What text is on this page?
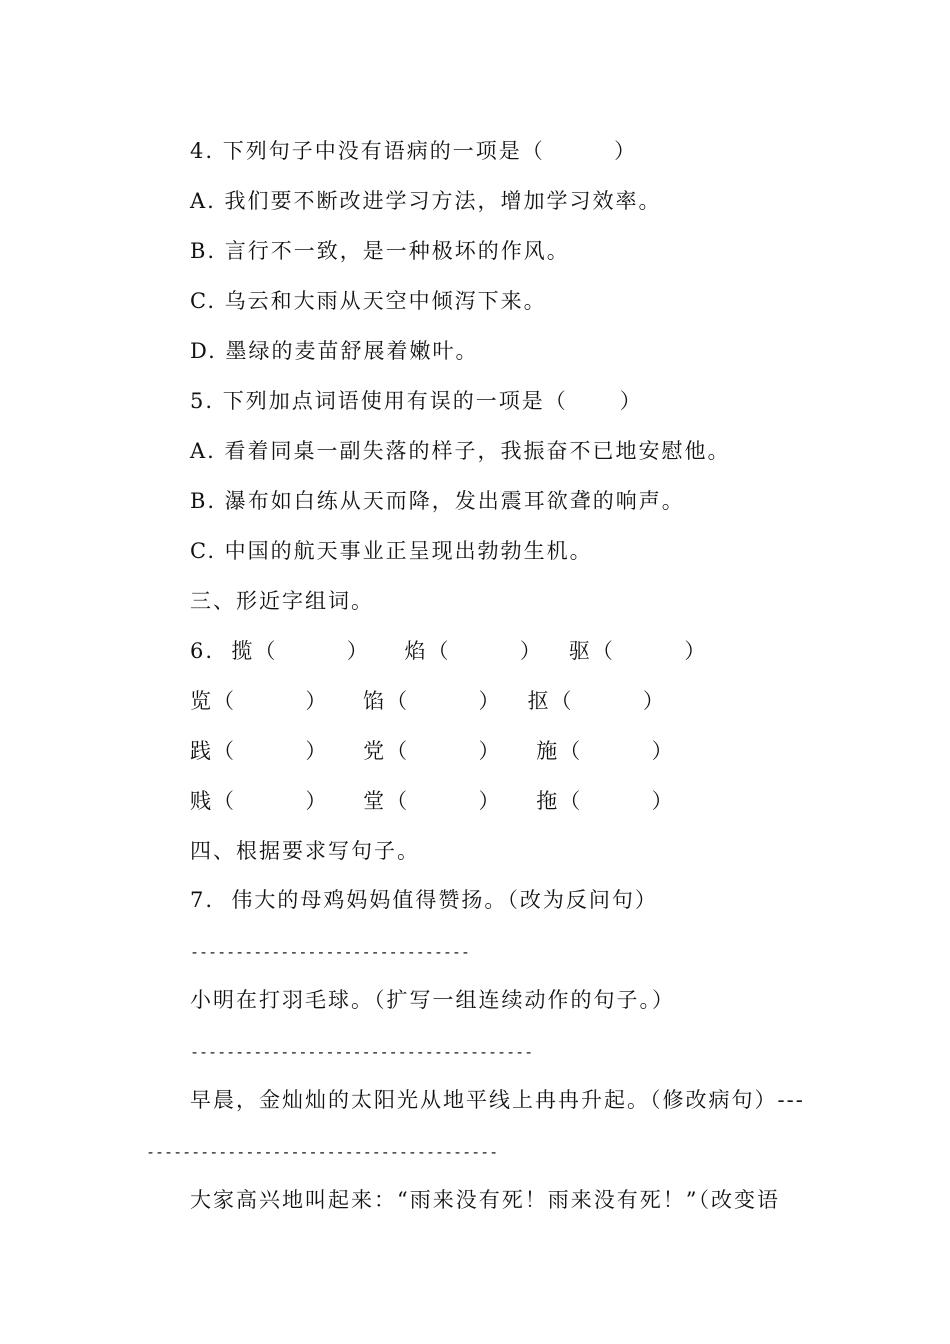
4. 下列句子中没有语病的一项是（        ）
A. 我们要不断改进学习方法，增加学习效率。
B. 言行不一致，是一种极坏的作风。
C. 乌云和大雨从天空中倾泻下来。
D. 墨绿的麦苗舒展着嫩叶。
5. 下列加点词语使用有误的一项是（      ）
A. 看着同桌一副失落的样子，我振奋不已地安慰他。
B. 瀑布如白练从天而降，发出震耳欲聋的响声。
C. 中国的航天事业正呈现出勃勃生机。
三、形近字组词。
6.  揽（        ）    焰（        ）   驱（        ）
览（        ）    馅（        ）   抠（        ）
践（        ）    党（        ）    施（        ）
贱（        ）    堂（        ）    拖（        ）
四、根据要求写句子。
7.  伟大的母鸡妈妈值得赞扬。（改为反问句）
-------------------------------
小明在打羽毛球。（扩写一组连续动作的句子。）
--------------------------------------
早晨，金灿灿的太阳光从地平线上冉冉升起。（修改病句）---
---------------------------------------
大家高兴地叫起来：“雨来没有死！雨来没有死！”（改变语
